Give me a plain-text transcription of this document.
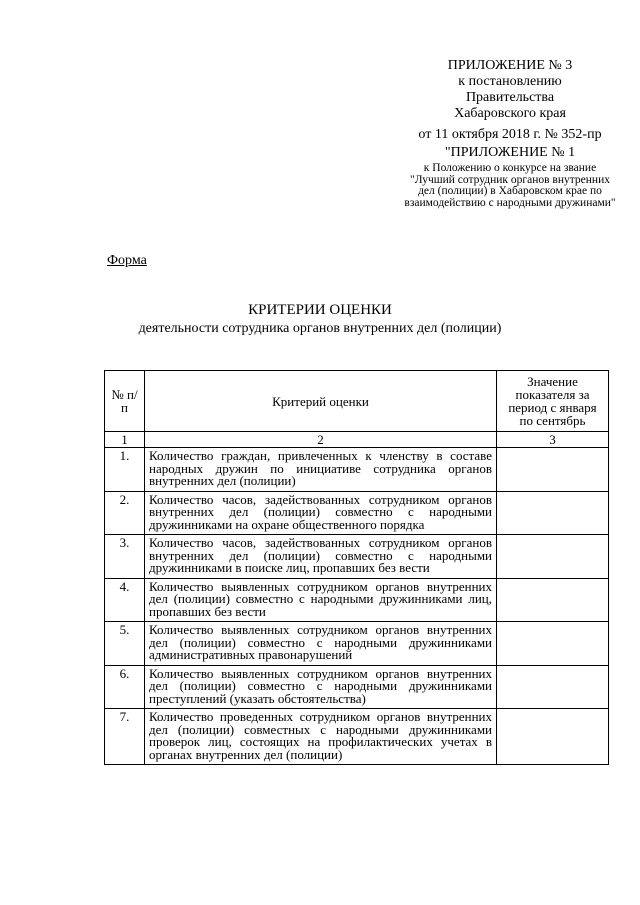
ПРИЛОЖЕНИЕ № 3
к постановлению
Правительства
Хабаровского края
от 11 октября 2018 г. № 352-пр
"ПРИЛОЖЕНИЕ № 1
к Положению о конкурсе на звание "Лучший сотрудник органов внутренних дел (полиции) в Хабаровском крае по взаимодействию с народными дружинами"
Форма
КРИТЕРИИ ОЦЕНКИ
деятельности сотрудника органов внутренних дел (полиции)
№ п/п	Критерий оценки	Значение показателя за период с января по сентябрь
1	2	3
1.	Количество граждан, привлеченных к членству в составе народных дружин по инициативе сотрудника органов внутренних дел (полиции)	
2.	Количество часов, задействованных сотрудником органов внутренних дел (полиции) совместно с народными дружинниками на охране общественного порядка	
3.	Количество часов, задействованных сотрудником органов внутренних дел (полиции) совместно с народными дружинниками в поиске лиц, пропавших без вести	
4.	Количество выявленных сотрудником органов внутренних дел (полиции) совместно с народными дружинниками лиц, пропавших без вести	
5.	Количество выявленных сотрудником органов внутренних дел (полиции) совместно с народными дружинниками административных правонарушений	
6.	Количество выявленных сотрудником органов внутренних дел (полиции) совместно с народными дружинниками преступлений (указать обстоятельства)	
7.	Количество проведенных сотрудником органов внутренних дел (полиции) совместных с народными дружинниками проверок лиц, состоящих на профилактических учетах в органах внутренних дел (полиции)	
